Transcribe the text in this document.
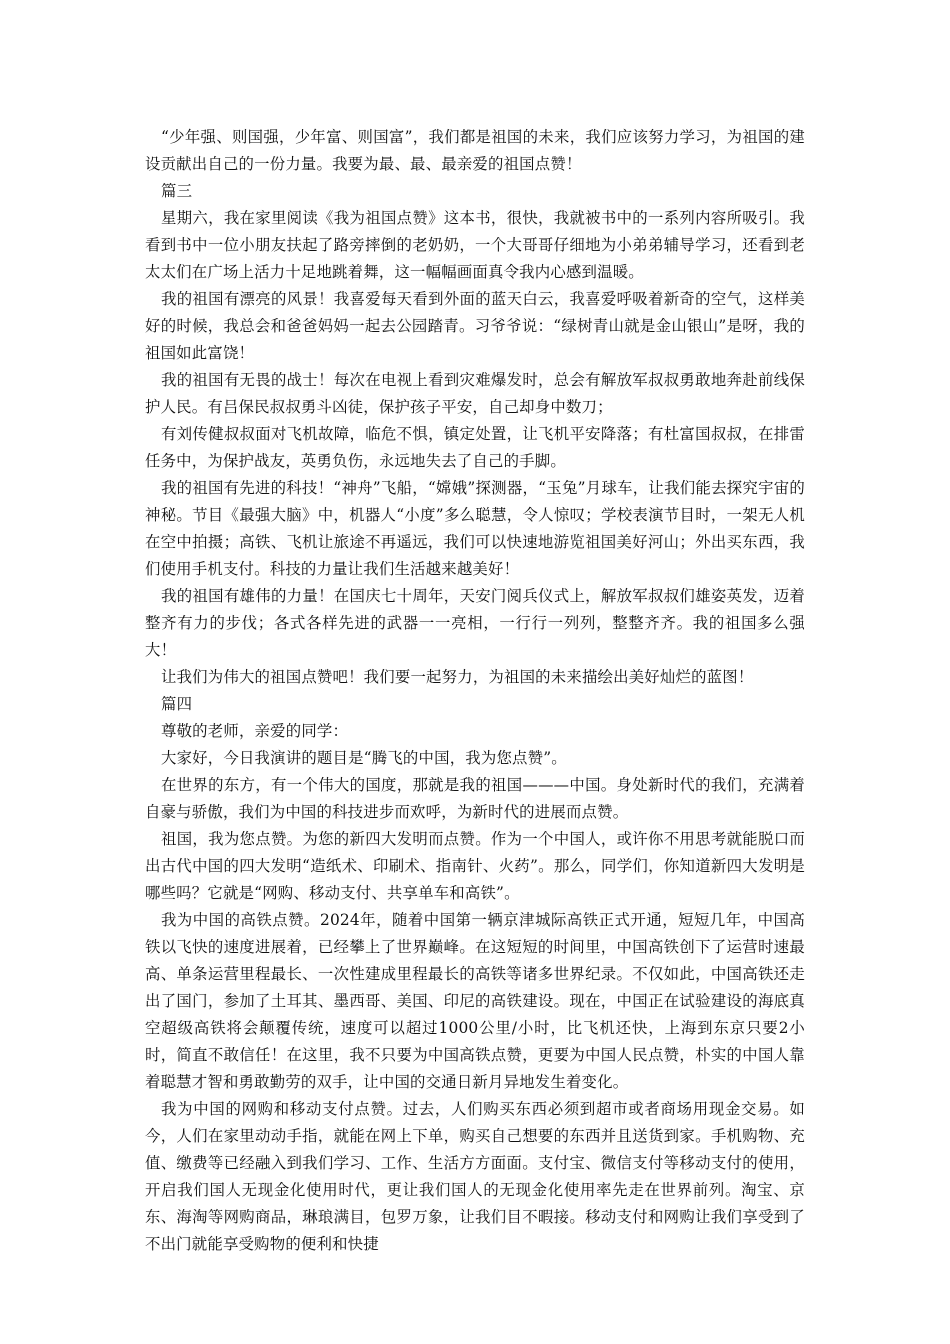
“少年强、则国强，少年富、则国富”，我们都是祖国的未来，我们应该努力学习，为祖国的建设贡献出自己的一份力量。我要为最、最、最亲爱的祖国点赞！

篇三

星期六，我在家里阅读《我为祖国点赞》这本书，很快，我就被书中的一系列内容所吸引。我看到书中一位小朋友扶起了路旁摔倒的老奶奶，一个大哥哥仔细地为小弟弟辅导学习，还看到老太太们在广场上活力十足地跳着舞，这一幅幅画面真令我内心感到温暖。

我的祖国有漂亮的风景！我喜爱每天看到外面的蓝天白云，我喜爱呼吸着新奇的空气，这样美好的时候，我总会和爸爸妈妈一起去公园踏青。习爷爷说：“绿树青山就是金山银山”是呀，我的祖国如此富饶！

我的祖国有无畏的战士！每次在电视上看到灾难爆发时，总会有解放军叔叔勇敢地奔赴前线保护人民。有吕保民叔叔勇斗凶徒，保护孩子平安，自己却身中数刀；

有刘传健叔叔面对飞机故障，临危不惧，镇定处置，让飞机平安降落；有杜富国叔叔，在排雷任务中，为保护战友，英勇负伤，永远地失去了自己的手脚。

我的祖国有先进的科技！“神舟”飞船，“嫦娥”探测器，“玉兔”月球车，让我们能去探究宇宙的神秘。节目《最强大脑》中，机器人“小度”多么聪慧，令人惊叹；学校表演节目时，一架无人机在空中拍摄；高铁、飞机让旅途不再遥远，我们可以快速地游览祖国美好河山；外出买东西，我们使用手机支付。科技的力量让我们生活越来越美好！

我的祖国有雄伟的力量！在国庆七十周年，天安门阅兵仪式上，解放军叔叔们雄姿英发，迈着整齐有力的步伐；各式各样先进的武器一一亮相，一行行一列列，整整齐齐。我的祖国多么强大！

让我们为伟大的祖国点赞吧！我们要一起努力，为祖国的未来描绘出美好灿烂的蓝图！

篇四

尊敬的老师，亲爱的同学：

大家好，今日我演讲的题目是“腾飞的中国，我为您点赞”。

在世界的东方，有一个伟大的国度，那就是我的祖国———中国。身处新时代的我们，充满着自豪与骄傲，我们为中国的科技进步而欢呼，为新时代的进展而点赞。

祖国，我为您点赞。为您的新四大发明而点赞。作为一个中国人，或许你不用思考就能脱口而出古代中国的四大发明“造纸术、印刷术、指南针、火药”。那么，同学们，你知道新四大发明是哪些吗？它就是“网购、移动支付、共享单车和高铁”。

我为中国的高铁点赞。2024年，随着中国第一辆京津城际高铁正式开通，短短几年，中国高铁以飞快的速度进展着，已经攀上了世界巅峰。在这短短的时间里，中国高铁创下了运营时速最高、单条运营里程最长、一次性建成里程最长的高铁等诸多世界纪录。不仅如此，中国高铁还走出了国门，参加了土耳其、墨西哥、美国、印尼的高铁建设。现在，中国正在试验建设的海底真空超级高铁将会颠覆传统，速度可以超过1000公里/小时，比飞机还快，上海到东京只要2小时，简直不敢信任！在这里，我不只要为中国高铁点赞，更要为中国人民点赞，朴实的中国人靠着聪慧才智和勇敢勤劳的双手，让中国的交通日新月异地发生着变化。

我为中国的网购和移动支付点赞。过去，人们购买东西必须到超市或者商场用现金交易。如今，人们在家里动动手指，就能在网上下单，购买自己想要的东西并且送货到家。手机购物、充值、缴费等已经融入到我们学习、工作、生活方方面面。支付宝、微信支付等移动支付的使用，开启我们国人无现金化使用时代，更让我们国人的无现金化使用率先走在世界前列。淘宝、京东、海淘等网购商品，琳琅满目，包罗万象，让我们目不暇接。移动支付和网购让我们享受到了不出门就能享受购物的便利和快捷
